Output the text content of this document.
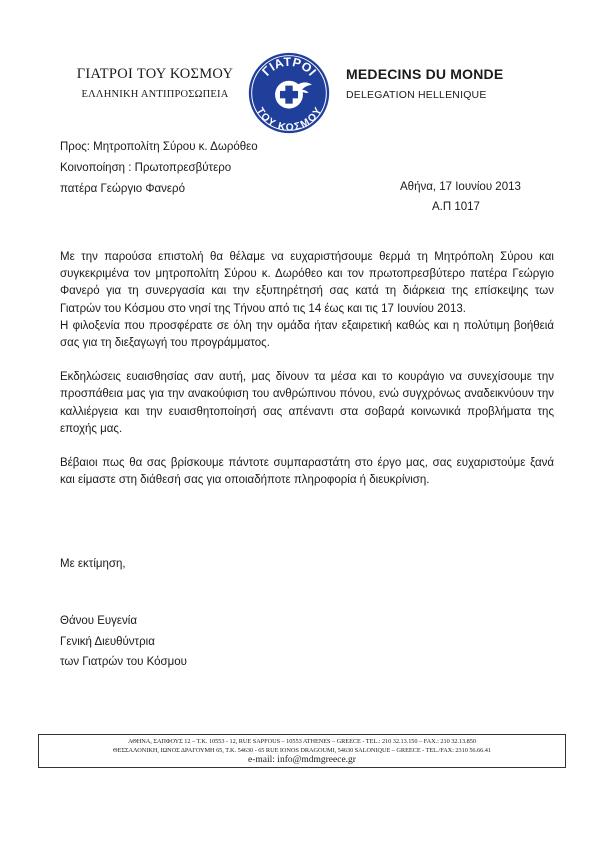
ΓΙΑΤΡΟΙ ΤΟΥ ΚΟΣΜΟΥ
ΕΛΛΗΝΙΚΗ ΑΝΤΙΠΡΟΣΩΠΕΙΑ
ΓΙΑΤΡΟΙ
ΤΟΥ ΚΟΣΜΟΥ
MEDECINS DU MONDE
DELEGATION HELLENIQUE
Προς: Μητροπολίτη Σύρου κ. Δωρόθεο
Κοινοποίηση : Πρωτοπρεσβύτερο
πατέρα Γεώργιο Φανερό	Αθήνα, 17 Ιουνίου 2013
Α.Π 1017

Με την παρούσα επιστολή θα θέλαμε να ευχαριστήσουμε θερμά τη Μητρόπολη Σύρου και συγκεκριμένα τον μητροπολίτη Σύρου κ. Δωρόθεο και τον πρωτοπρεσβύτερο πατέρα Γεώργιο Φανερό για τη συνεργασία και την εξυπηρέτησή σας κατά τη διάρκεια της επίσκεψης των Γιατρών του Κόσμου στο νησί της Τήνου από τις 14 έως και τις 17 Ιουνίου 2013.

Η φιλοξενία που προσφέρατε σε όλη την ομάδα ήταν εξαιρετική καθώς και η πολύτιμη βοήθειά σας για τη διεξαγωγή του προγράμματος.

Εκδηλώσεις ευαισθησίας σαν αυτή, μας δίνουν τα μέσα και το κουράγιο να συνεχίσουμε την προσπάθεια μας για την ανακούφιση του ανθρώπινου πόνου, ενώ συγχρόνως αναδεικνύουν την καλλιέργεια και την ευαισθητοποίησή σας απέναντι στα σοβαρά κοινωνικά προβλήματα της εποχής μας.

Βέβαιοι πως θα σας βρίσκουμε πάντοτε συμπαραστάτη στο έργο μας, σας ευχαριστούμε ξανά και είμαστε στη διάθεσή σας για οποιαδήποτε πληροφορία ή διευκρίνιση.

Με εκτίμηση,
Θάνου Ευγενία
Γενική Διευθύντρια
των Γιατρών του Κόσμου
ΑΘΗΝΑ, ΣΑΠΦΟΥΣ 12 – Τ.Κ. 10553 - 12, RUE SAPFOUS – 10553 ATHENES – GREECE - TEL.: 210 32.13.150 – FAX.: 210 32.13.850
ΘΕΣΣΑΛΟΝΙΚΗ, ΙΩΝΟΣ ΔΡΑΓΟΥΜΗ 65, Τ.Κ. 54630 - 65 RUE IONOS DRAGOUMI, 54630 SALONIQUE – GREECE - TEL./FAX: 2310 56.66.41
e-mail: info@mdmgreece.gr
